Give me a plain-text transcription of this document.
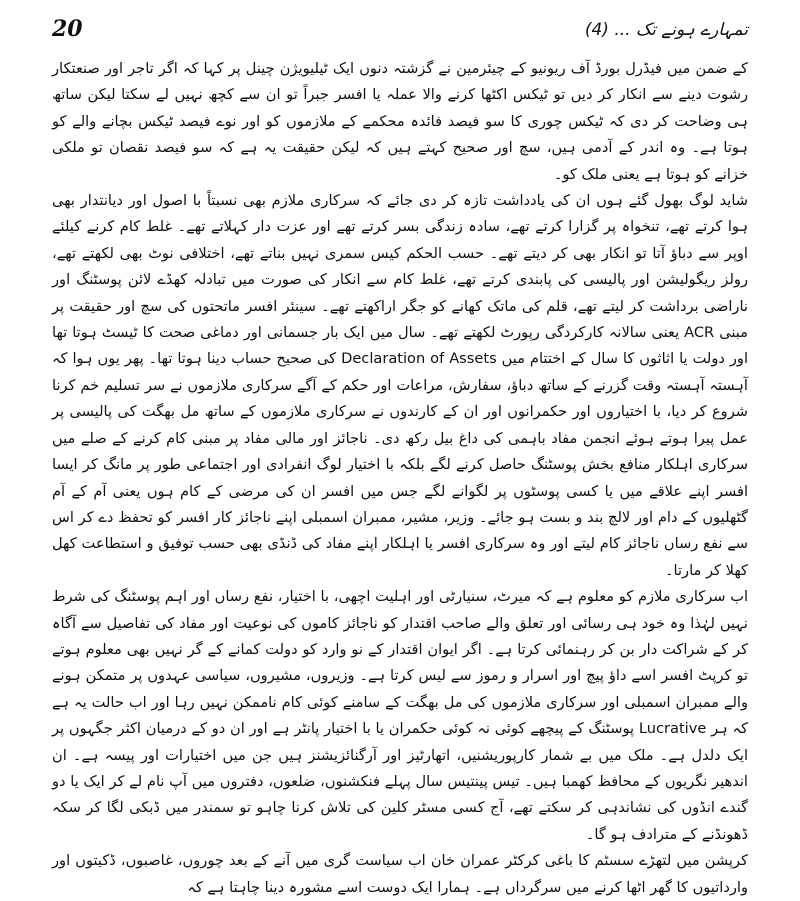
20	تمہارے ہونے تک ... (4)

کے ضمن میں فیڈرل بورڈ آف ریونیو کے چیئرمین نے گزشتہ دنوں ایک ٹیلیویژن چینل پر کہا کہ اگر تاجر اور صنعتکار رشوت دینے سے انکار کر دیں تو ٹیکس اکٹھا کرنے والا عملہ یا افسر جبراً تو ان سے کچھ نہیں لے سکتا لیکن ساتھ ہی وضاحت کر دی کہ ٹیکس چوری کا سو فیصد فائدہ محکمے کے ملازموں کو اور نوے فیصد ٹیکس بچانے والے کو ہوتا ہے۔ وہ اندر کے آدمی ہیں، سچ اور صحیح کہتے ہیں کہ لیکن حقیقت یہ ہے کہ سو فیصد نقصان تو ملکی خزانے کو ہوتا ہے یعنی ملک کو۔

شاید لوگ بھول گئے ہوں ان کی یادداشت تازہ کر دی جائے کہ سرکاری ملازم بھی نسبتاً با اصول اور دیانتدار بھی ہوا کرتے تھے، تنخواہ پر گزارا کرتے تھے، سادہ زندگی بسر کرتے تھے اور عزت دار کہلاتے تھے۔ غلط کام کرنے کیلئے اوپر سے دباؤ آتا تو انکار بھی کر دیتے تھے۔ حسب الحکم کیس سمری نہیں بناتے تھے، اختلافی نوٹ بھی لکھتے تھے، رولز ریگولیشن اور پالیسی کی پابندی کرتے تھے، غلط کام سے انکار کی صورت میں تبادلہ کھڈے لائن پوسٹنگ اور ناراضی برداشت کر لیتے تھے، قلم کی ماتک کھانے کو جگر اراکھتے تھے۔ سینئر افسر ماتحتوں کی سچ اور حقیقت پر مبنی ACR یعنی سالانہ کارکردگی رپورٹ لکھتے تھے۔ سال میں ایک بار جسمانی اور دماغی صحت کا ٹیسٹ ہوتا تھا اور دولت یا اثاثوں کا سال کے اختتام میں Declaration of Assets کی صحیح حساب دینا ہوتا تھا۔ پھر یوں ہوا کہ آہستہ آہستہ وقت گزرنے کے ساتھ دباؤ، سفارش، مراعات اور حکم کے آگے سرکاری ملازموں نے سر تسلیم خم کرنا شروع کر دیا، با اختیاروں اور حکمرانوں اور ان کے کارندوں نے سرکاری ملازموں کے ساتھ مل بھگت کی پالیسی پر عمل پیرا ہوتے ہوئے انجمن مفاد باہمی کی داغ بیل رکھ دی۔ ناجائز اور مالی مفاد پر مبنی کام کرنے کے صلے میں سرکاری اہلکار منافع بخش پوسٹنگ حاصل کرنے لگے بلکہ با اختیار لوگ انفرادی اور اجتماعی طور پر مانگ کر ایسا افسر اپنے علاقے میں یا کسی پوسٹوں پر لگوانے لگے جس میں افسر ان کی مرضی کے کام ہوں یعنی آم کے آم گٹھلیوں کے دام اور لالچ بند و بست ہو جائے۔ وزیر، مشیر، ممبران اسمبلی اپنے ناجائز کار افسر کو تحفظ دے کر اس سے نفع رساں ناجائز کام لیتے اور وہ سرکاری افسر یا اہلکار اپنے مفاد کی ڈنڈی بھی حسب توفیق و استطاعت کھل کھلا کر مارتا۔

اب سرکاری ملازم کو معلوم ہے کہ میرٹ، سنیارٹی اور اہلیت اچھی، با اختیار، نفع رساں اور اہم پوسٹنگ کی شرط نہیں لہٰذا وہ خود ہی رسائی اور تعلق والے صاحب اقتدار کو ناجائز کاموں کی نوعیت اور مفاد کی تفاصیل سے آگاہ کر کے شراکت دار بن کر رہنمائی کرتا ہے۔ اگر ایوان اقتدار کے نو وارد کو دولت کمانے کے گر نہیں بھی معلوم ہوتے تو کرپٹ افسر اسے داؤ پیچ اور اسرار و رموز سے لیس کرتا ہے۔ وزیروں، مشیروں، سیاسی عہدوں پر متمکن ہونے والے ممبران اسمبلی اور سرکاری ملازموں کی مل بھگت کے سامنے کوئی کام ناممکن نہیں رہا اور اب حالت یہ ہے کہ ہر Lucrative پوسٹنگ کے پیچھے کوئی نہ کوئی حکمران یا با اختیار پانٹر ہے اور ان دو کے درمیان اکثر جگہوں پر ایک دلدل ہے۔ ملک میں بے شمار کارپوریشنیں، اتھارٹیز اور آرگنائزیشنز ہیں جن میں اختیارات اور پیسہ ہے۔ ان اندھیر نگریوں کے محافظ کھمبا ہیں۔ تیس پینتیس سال پہلے فنکشنوں، ضلعوں، دفتروں میں آپ نام لے کر ایک یا دو گندے انڈوں کی نشاندہی کر سکتے تھے، آج کسی مسٹر کلین کی تلاش کرنا چاہو تو سمندر میں ڈبکی لگا کر سکہ ڈھونڈنے کے مترادف ہو گا۔

کرپشن میں لتھڑے سسٹم کا باغی کرکٹر عمران خان اب سیاست گری میں آنے کے بعد چوروں، غاصبوں، ڈکیتوں اور وارداتیوں کا گھر اٹھا کرنے میں سرگرداں ہے۔ ہمارا ایک دوست اسے مشورہ دینا چاہتا ہے کہ
